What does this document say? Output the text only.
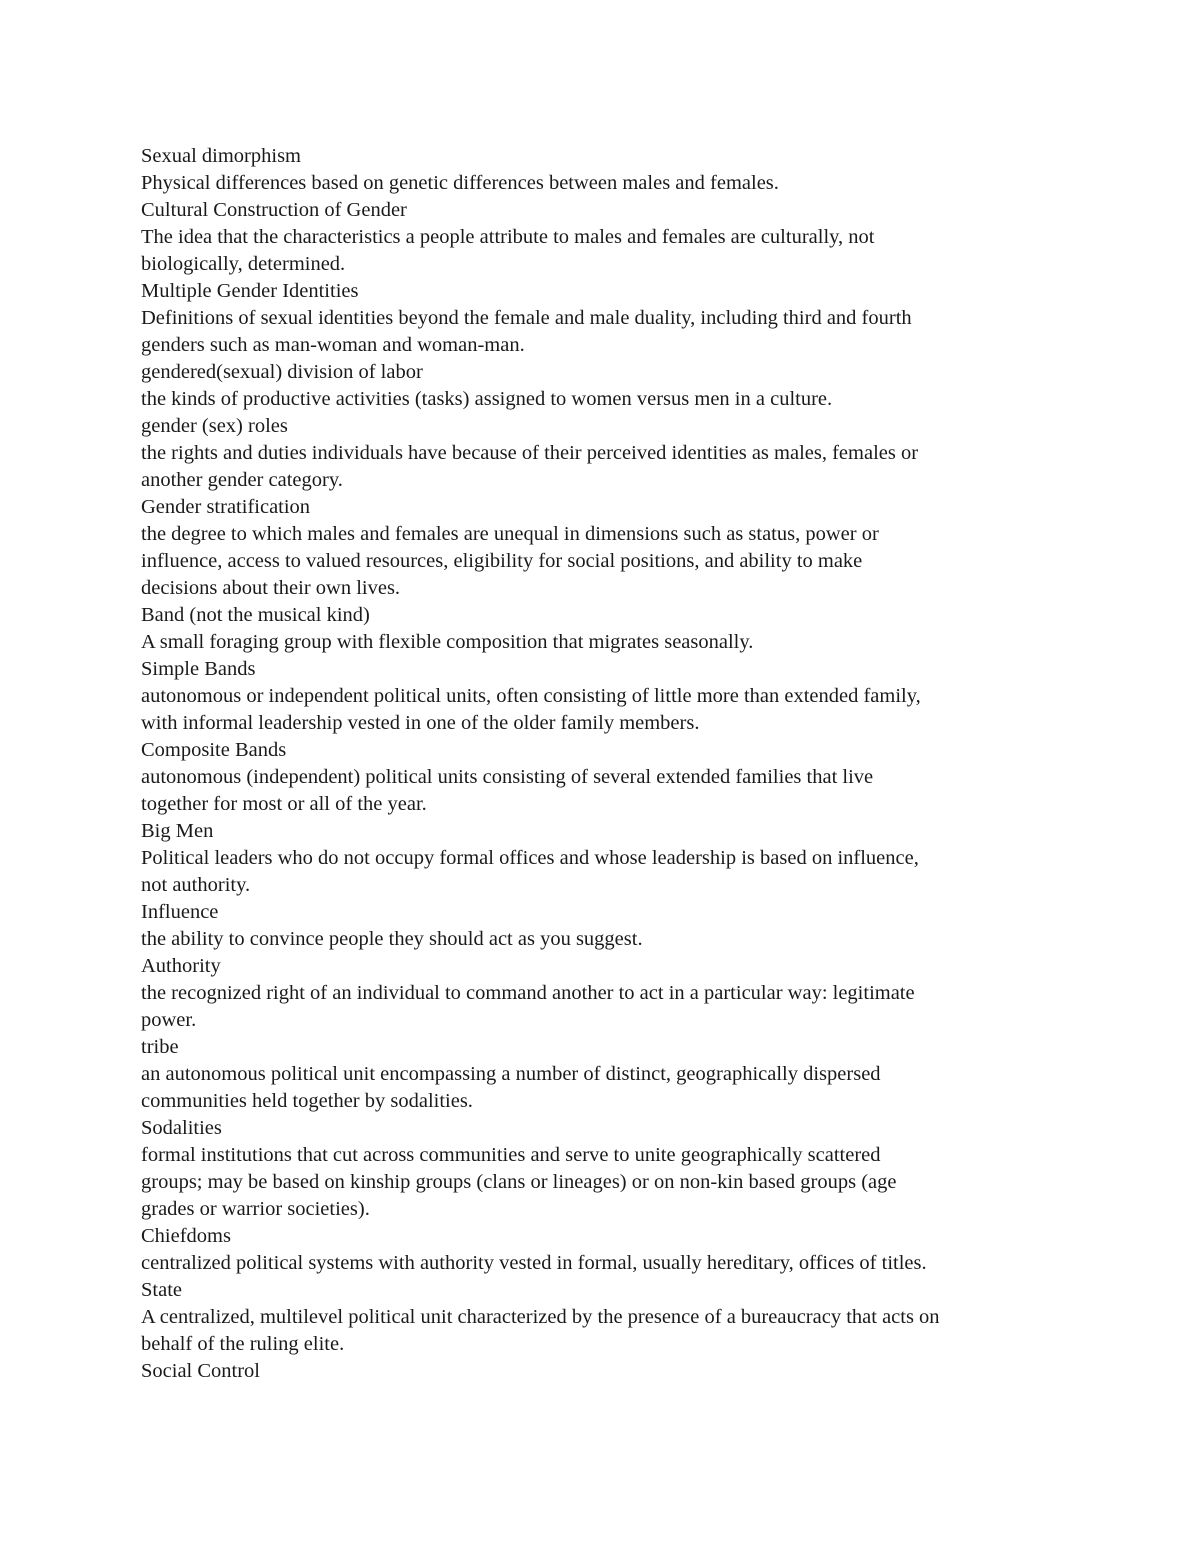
Sexual dimorphism
Physical differences based on genetic differences between males and females.
Cultural Construction of Gender
The idea that the characteristics a people attribute to males and females are culturally, not
biologically, determined.
Multiple Gender Identities
Definitions of sexual identities beyond the female and male duality, including third and fourth
genders such as man-woman and woman-man.
gendered(sexual) division of labor
the kinds of productive activities (tasks) assigned to women versus men in a culture.
gender (sex) roles
the rights and duties individuals have because of their perceived identities as males, females or
another gender category.
Gender stratification
the degree to which males and females are unequal in dimensions such as status, power or
influence, access to valued resources, eligibility for social positions, and ability to make
decisions about their own lives.
Band (not the musical kind)
A small foraging group with flexible composition that migrates seasonally.
Simple Bands
autonomous or independent political units, often consisting of little more than extended family,
with informal leadership vested in one of the older family members.
Composite Bands
autonomous (independent) political units consisting of several extended families that live
together for most or all of the year.
Big Men
Political leaders who do not occupy formal offices and whose leadership is based on influence,
not authority.
Influence
the ability to convince people they should act as you suggest.
Authority
the recognized right of an individual to command another to act in a particular way: legitimate
power.
tribe
an autonomous political unit encompassing a number of distinct, geographically dispersed
communities held together by sodalities.
Sodalities
formal institutions that cut across communities and serve to unite geographically scattered
groups; may be based on kinship groups (clans or lineages) or on non-kin based groups (age
grades or warrior societies).
Chiefdoms
centralized political systems with authority vested in formal, usually hereditary, offices of titles.
State
A centralized, multilevel political unit characterized by the presence of a bureaucracy that acts on
behalf of the ruling elite.
Social Control
